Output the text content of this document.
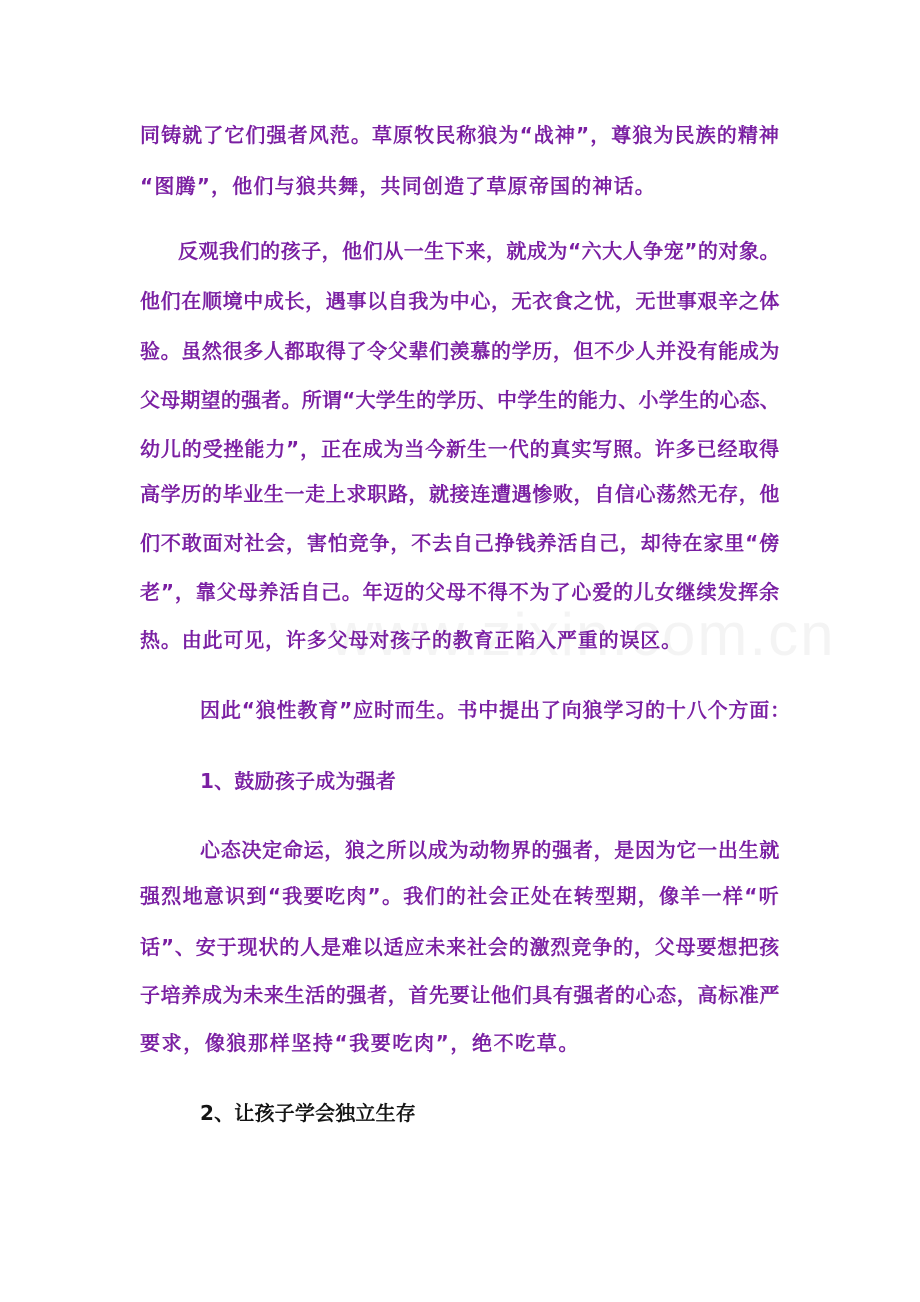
同铸就了它们强者风范。草原牧民称狼为“战神”，尊狼为民族的精神
“图腾”，他们与狼共舞，共同创造了草原帝国的神话。
反观我们的孩子，他们从一生下来，就成为“六大人争宠”的对象。
他们在顺境中成长，遇事以自我为中心，无衣食之忧，无世事艰辛之体
验。虽然很多人都取得了令父辈们羡慕的学历，但不少人并没有能成为
父母期望的强者。所谓“大学生的学历、中学生的能力、小学生的心态、
幼儿的受挫能力”，正在成为当今新生一代的真实写照。许多已经取得
高学历的毕业生一走上求职路，就接连遭遇惨败，自信心荡然无存，他
们不敢面对社会，害怕竞争，不去自己挣钱养活自己，却待在家里“傍
老”，靠父母养活自己。年迈的父母不得不为了心爱的儿女继续发挥余
热。由此可见，许多父母对孩子的教育正陷入严重的误区。
因此“狼性教育”应时而生。书中提出了向狼学习的十八个方面：
1、鼓励孩子成为强者
心态决定命运，狼之所以成为动物界的强者，是因为它一出生就
强烈地意识到“我要吃肉”。我们的社会正处在转型期，像羊一样“听
话”、安于现状的人是难以适应未来社会的激烈竞争的，父母要想把孩
子培养成为未来生活的强者，首先要让他们具有强者的心态，高标准严
要求，像狼那样坚持“我要吃肉”，绝不吃草。
2、让孩子学会独立生存
